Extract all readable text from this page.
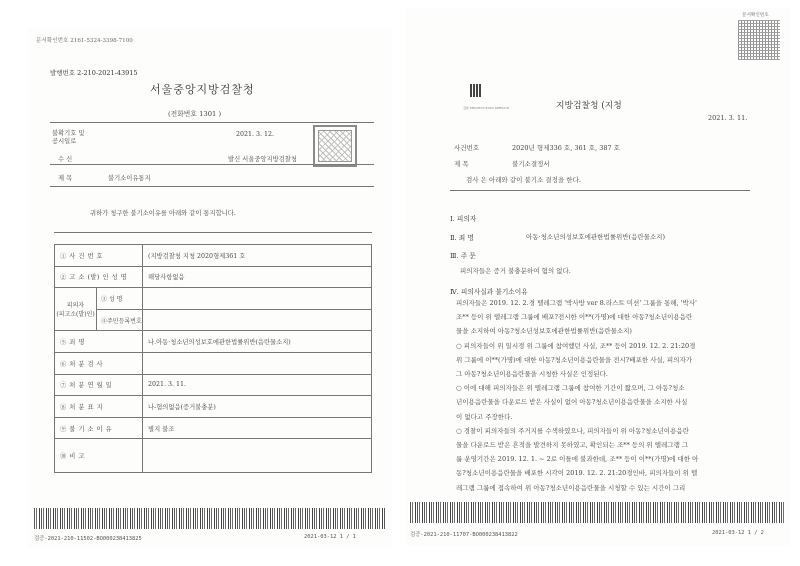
문서확인번호 2161-5324-3398-7100
발행번호 2-210-2021-43915
서울중앙지방검찰청
(전화번호 1301 )
불확기호 및
공시일로
2021. 3. 12.
수 신	발신 서울중앙지방검찰청
제 목	불기소이유통지
귀하가 청구한 불기소이유를 아래와 같이 통지합니다.
① 사 건 번 호	(지방검찰청 지청 2020형제361 호
② 고 소 (발) 인 성 명	해당사항없음

피의자
(피고소(발)인)
③ 성 명
④주민등록번호	

⑤ 죄 명	나.아동·청소년의성보호에관한법률위반(음란물소지)
⑥ 처 분 검 사	
⑦ 처 분 연 월 일	2021. 3. 11.
⑧ 처 분 표 지	나-혐의없음(증거불충분)
⑨ 불 기 소 이 유	별지 불조
⑩ 비 고	
검증-2021-210-11502-BO000238413825	2021-03-12 1 / 1
문서확인번호
검찰 PROSECUTION SERVICE	지방검찰청 (지청
2021. 3. 11.
사건번호	2020년 형제336 호, 361 호, 387 호
제 목	불기소결정서
검사 은 아래와 같이 불기소 결정을 한다.
Ⅰ. 피의자
Ⅱ. 죄 명	아동·청소년의성보호에관한법률위반(음란물소지)
Ⅲ. 주 문
피의자들은 증거 불충분하여 혐의 없다.
Ⅳ. 피의사실과 불기소이유
피의자들은 2019. 12. 2.경 텔레그램 '박사방 ver 8.라스트 미션' 그룹을 통해, '박사'
조** 등이 위 텔레그램 그룹에 배포?전시한 이**(가명)에 대한 아동?청소년이용음란
물을 소지하여 아동?청소년성보호에관한법률위반(음란물소지)
○ 피의자들이 위 일시경 위 그룹에 참여했던 사실, 조** 등이 2019. 12. 2. 21:20경
위 그룹에 이**(가명)에 대한 아동?청소년이용음란물을 전시?배포한 사실, 피의자가
그 아동?청소년이용음란물을 시청한 사실은 인정된다.
○ 이에 대해 피의자들은 위 텔레그램 그룹에 참여한 기간이 짧으며, 그 아동?청소
년이용음란물을 다운로드 받은 사실이 없어 아동?청소년이용음란물을 소지한 사실
이 없다고 주장한다.
○ 경찰이 피의자들의 주거지를 수색하였으나, 피의자들이 위 아동?청소년이용음란
물을 다운로드 받은 흔적을 발견하지 못하였고, 확인되는 조** 등의 위 텔레그램 그
룹 운영기간은 2019. 12. 1. ~ 2로 이틀에 불과한데, 조** 등이 이**(가명)에 대한 아
동?청소년이용음란물을 배포한 시각이 2019. 12. 2. 21:20경인바, 피의자들이 위 텔
레그램 그룹에 접속하여 위 아동?청소년이용음란물을 시청할 수 있는 시간이 그리
검증-2021-210-11707-BO000238413822	2021-03-12 1 / 2
